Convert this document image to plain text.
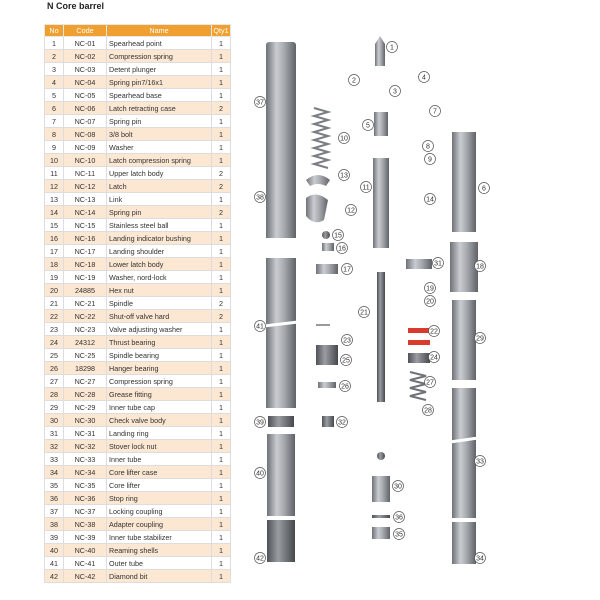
N Core barrel
No	Code	Name	Qty1
1	NC-01	Spearhead point	1
2	NC-02	Compression spring	1
3	NC-03	Detent plunger	1
4	NC-04	Spring pin7/16x1	1
5	NC-05	Spearhead base	1
6	NC-06	Latch retracting case	2
7	NC-07	Spring pin	1
8	NC-08	3/8 bolt	1
9	NC-09	Washer	1
10	NC-10	Latch compression spring	1
11	NC-11	Upper latch body	2
12	NC-12	Latch	2
13	NC-13	Link	1
14	NC-14	Spring pin	2
15	NC-15	Stainless steel ball	1
16	NC-16	Landing indicator bushing	1
17	NC-17	Landing shoulder	1
18	NC-18	Lower latch body	1
19	NC-19	Washer, nord-lock	1
20	24885	Hex nut	1
21	NC-21	Spindle	2
22	NC-22	Shut-off valve hard	2
23	NC-23	Valve adjusting washer	1
24	24312	Thrust bearing	1
25	NC-25	Spindle bearing	1
26	18298	Hanger bearing	1
27	NC-27	Compression spring	1
28	NC-28	Grease fitting	1
29	NC-29	Inner tube cap	1
30	NC-30	Check valve body	1
31	NC-31	Landing ring	1
32	NC-32	Stover lock nut	1
33	NC-33	Inner tube	1
34	NC-34	Core lifter case	1
35	NC-35	Core lifter	1
36	NC-36	Stop ring	1
37	NC-37	Locking coupling	1
38	NC-38	Adapter coupling	1
39	NC-39	Inner tube stabilizer	1
40	NC-40	Reaming shells	1
41	NC-41	Outer tube	1
42	NC-42	Diamond bit	1
1
2
3
4
5
6
7
8
9
10
11
12
13
14
15
16
17	18
19
20
21
22
23
24
25
26
27
28
29
30
31
32
33
34
35
36
37
38
39
40
41
42
